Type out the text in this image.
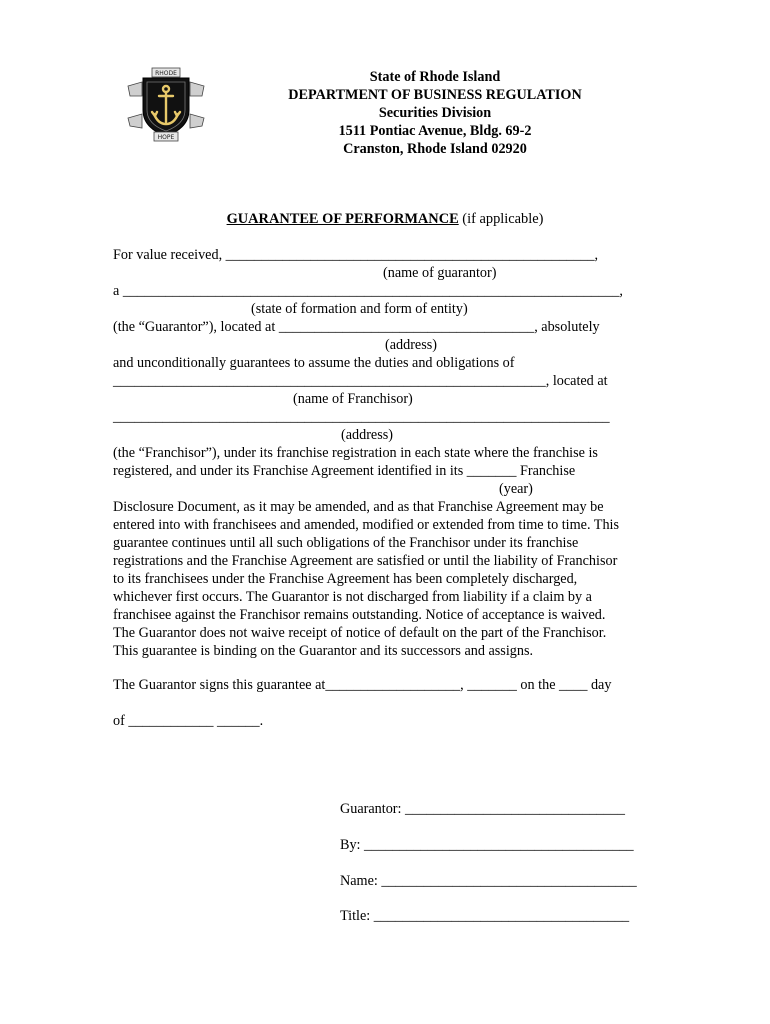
RHODE
HOPE
State of Rhode Island
DEPARTMENT OF BUSINESS REGULATION
Securities Division
1511 Pontiac Avenue, Bldg. 69-2
Cranston, Rhode Island 02920
GUARANTEE OF PERFORMANCE (if applicable)
For value received, ____________________________________________________,
(name of guarantor)
a ______________________________________________________________________,
(state of formation and form of entity)
(the “Guarantor”), located at ____________________________________, absolutely
(address)
and unconditionally guarantees to assume the duties and obligations of
_____________________________________________________________, located at
(name of Franchisor)
______________________________________________________________________
(address)
(the “Franchisor”), under its franchise registration in each state where the franchise is
registered, and under its Franchise Agreement identified in its _______ Franchise
(year)
Disclosure Document, as it may be amended, and as that Franchise Agreement may be
entered into with franchisees and amended, modified or extended from time to time. This
guarantee continues until all such obligations of the Franchisor under its franchise
registrations and the Franchise Agreement are satisfied or until the liability of Franchisor
to its franchisees under the Franchise Agreement has been completely discharged,
whichever first occurs. The Guarantor is not discharged from liability if a claim by a
franchisee against the Franchisor remains outstanding. Notice of acceptance is waived.
The Guarantor does not waive receipt of notice of default on the part of the Franchisor.
This guarantee is binding on the Guarantor and its successors and assigns.
The Guarantor signs this guarantee at___________________, _______ on the ____ day
of ____________ ______.
Guarantor: _______________________________
By: ______________________________________
Name: ____________________________________
Title: ____________________________________
